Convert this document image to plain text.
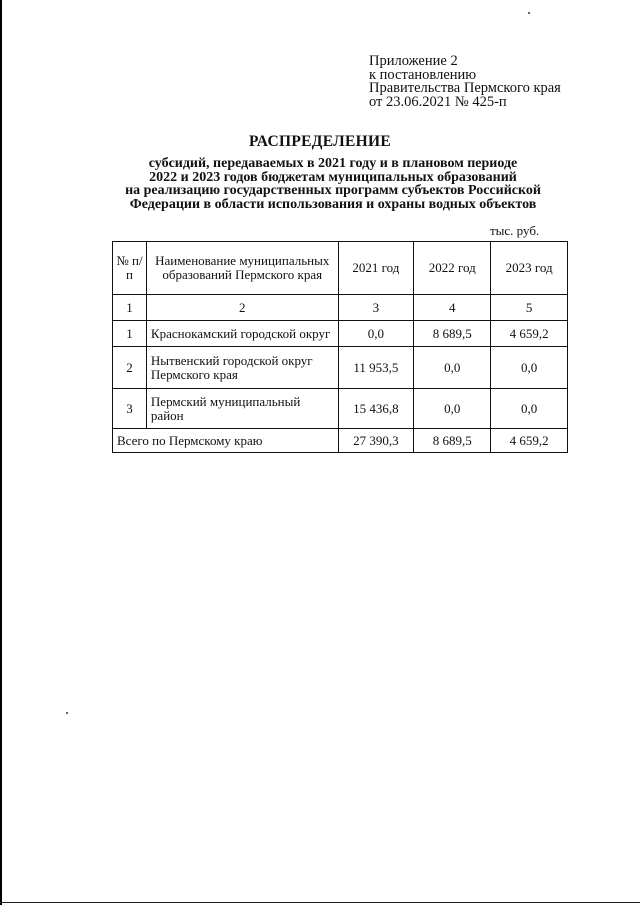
Приложение 2
к постановлению
Правительства Пермского края
от 23.06.2021 № 425-п
РАСПРЕДЕЛЕНИЕ
субсидий, передаваемых в 2021 году и в плановом периоде
2022 и 2023 годов бюджетам муниципальных образований
на реализацию государственных программ субъектов Российской
Федерации в области использования и охраны водных объектов
тыс. руб.
№ п/п	Наименование муниципальных образований Пермского края	2021 год	2022 год	2023 год
1	2	3	4	5
1	Краснокамский городской округ	0,0	8 689,5	4 659,2
2	Нытвенский городской округ Пермского края	11 953,5	0,0	0,0
3	Пермский муниципальный район	15 436,8	0,0	0,0
Всего по Пермскому краю		27 390,3	8 689,5	4 659,2
